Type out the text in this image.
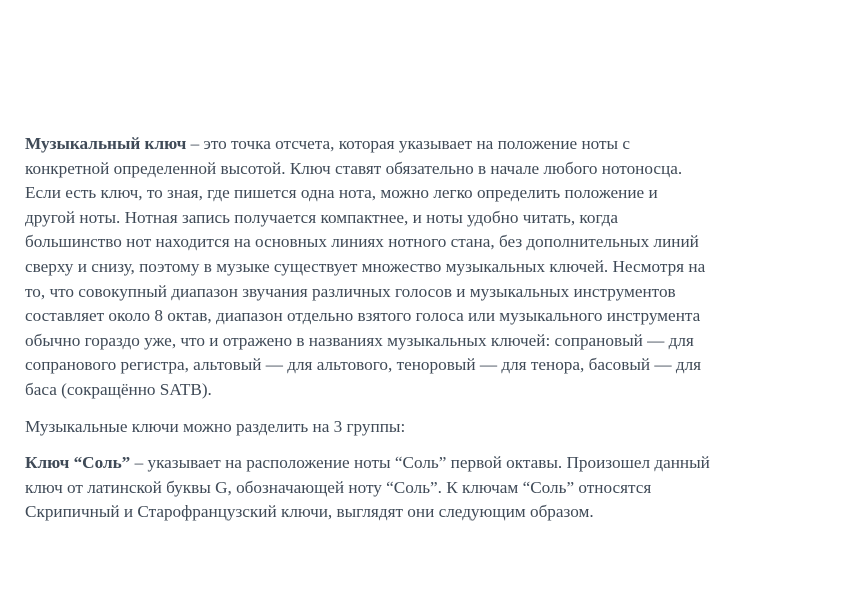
Музыкальный ключ – это точка отсчета, которая указывает на положение ноты с
конкретной определенной высотой. Ключ ставят обязательно в начале любого нотоносца.
Если есть ключ, то зная, где пишется одна нота, можно легко определить положение и
другой ноты. Нотная запись получается компактнее, и ноты удобно читать, когда
большинство нот находится на основных линиях нотного стана, без дополнительных линий
сверху и снизу, поэтому в музыке существует множество музыкальных ключей. Несмотря на
то, что совокупный диапазон звучания различных голосов и музыкальных инструментов
составляет около 8 октав, диапазон отдельно взятого голоса или музыкального инструмента
обычно гораздо уже, что и отражено в названиях музыкальных ключей: сопрановый — для
сопранового регистра, альтовый — для альтового, теноровый — для тенора, басовый — для
баса (сокращённо SATB).

Музыкальные ключи можно разделить на 3 группы:

Ключ “Соль” – указывает на расположение ноты “Соль” первой октавы. Произошел данный
ключ от латинской буквы G, обозначающей ноту “Соль”. К ключам “Соль” относятся
Скрипичный и Старофранцузский ключи, выглядят они следующим образом.
